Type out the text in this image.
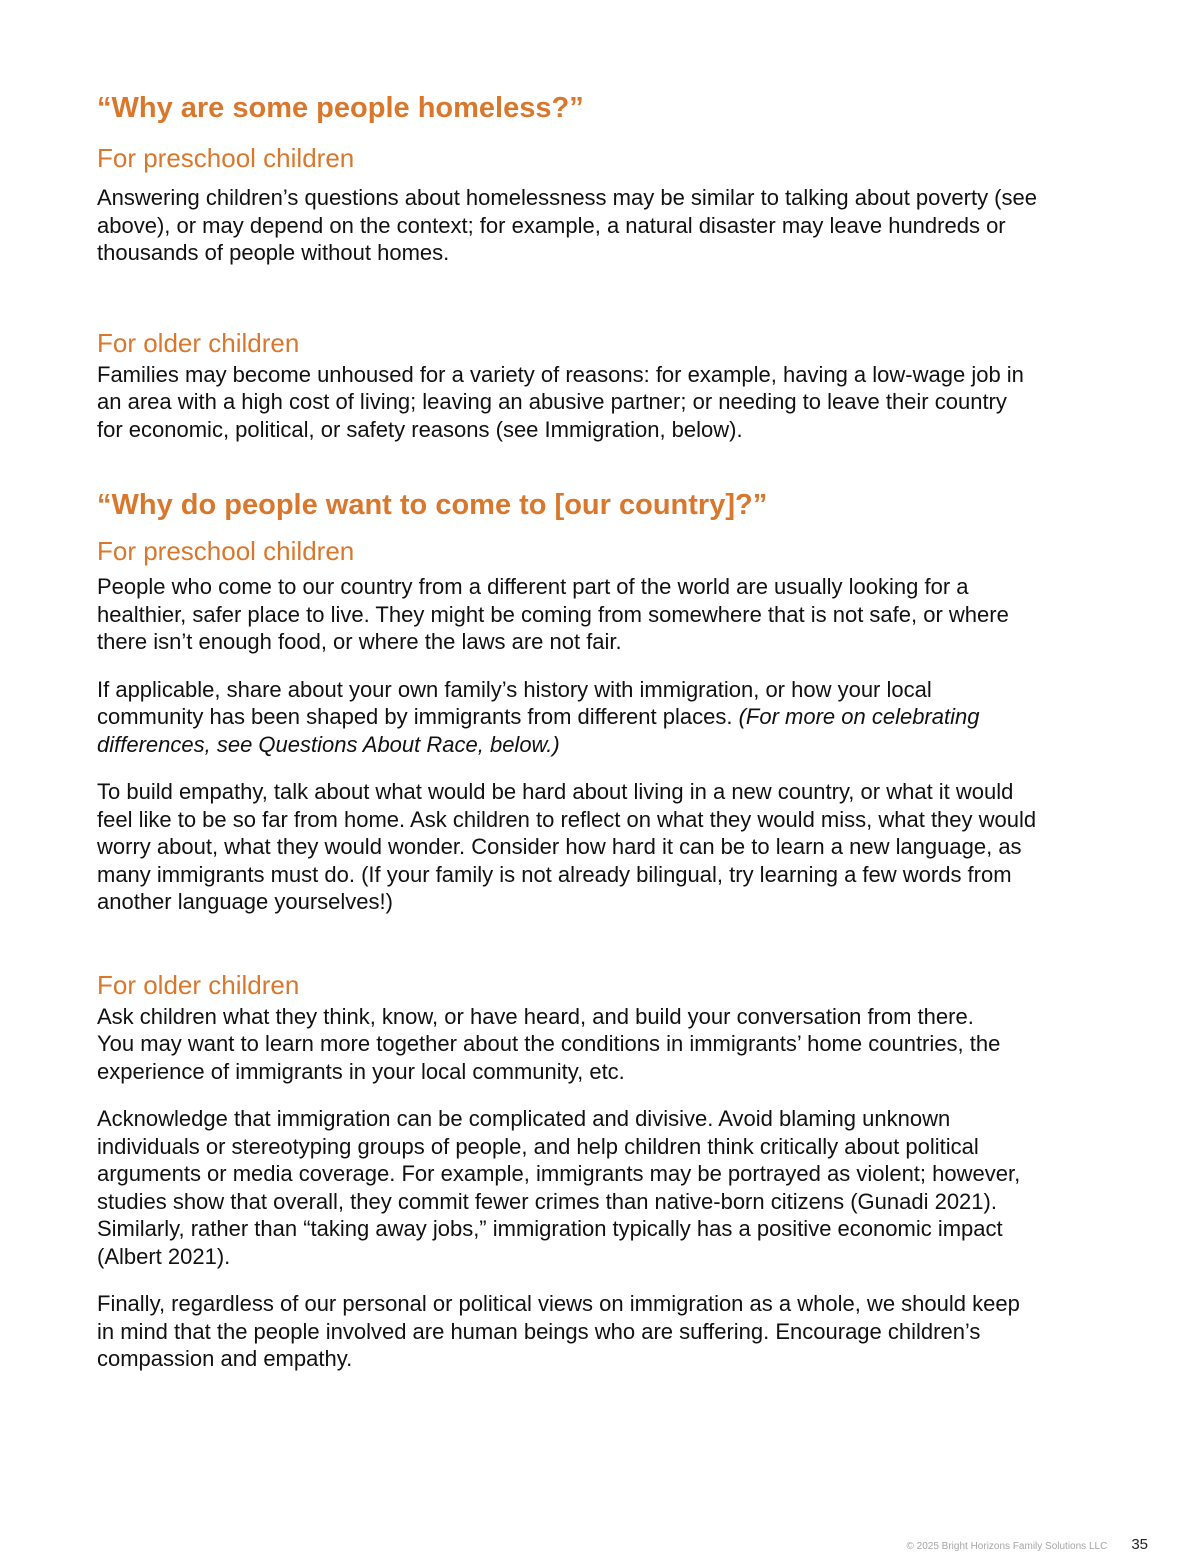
“Why are some people homeless?”
For preschool children

Answering children’s questions about homelessness may be similar to talking about poverty (see
above), or may depend on the context; for example, a natural disaster may leave hundreds or
thousands of people without homes.

For older children

Families may become unhoused for a variety of reasons: for example, having a low-wage job in
an area with a high cost of living; leaving an abusive partner; or needing to leave their country
for economic, political, or safety reasons (see Immigration, below).

“Why do people want to come to [our country]?”
For preschool children

People who come to our country from a different part of the world are usually looking for a
healthier, safer place to live. They might be coming from somewhere that is not safe, or where
there isn’t enough food, or where the laws are not fair.

If applicable, share about your own family’s history with immigration, or how your local
community has been shaped by immigrants from different places. (For more on celebrating
differences, see Questions About Race, below.)

To build empathy, talk about what would be hard about living in a new country, or what it would
feel like to be so far from home. Ask children to reflect on what they would miss, what they would
worry about, what they would wonder. Consider how hard it can be to learn a new language, as
many immigrants must do. (If your family is not already bilingual, try learning a few words from
another language yourselves!)

For older children

Ask children what they think, know, or have heard, and build your conversation from there.
You may want to learn more together about the conditions in immigrants’ home countries, the
experience of immigrants in your local community, etc.

Acknowledge that immigration can be complicated and divisive. Avoid blaming unknown
individuals or stereotyping groups of people, and help children think critically about political
arguments or media coverage. For example, immigrants may be portrayed as violent; however,
studies show that overall, they commit fewer crimes than native-born citizens (Gunadi 2021).
Similarly, rather than “taking away jobs,” immigration typically has a positive economic impact
(Albert 2021).

Finally, regardless of our personal or political views on immigration as a whole, we should keep
in mind that the people involved are human beings who are suffering. Encourage children’s
compassion and empathy.

© 2025 Bright Horizons Family Solutions LLC 35
